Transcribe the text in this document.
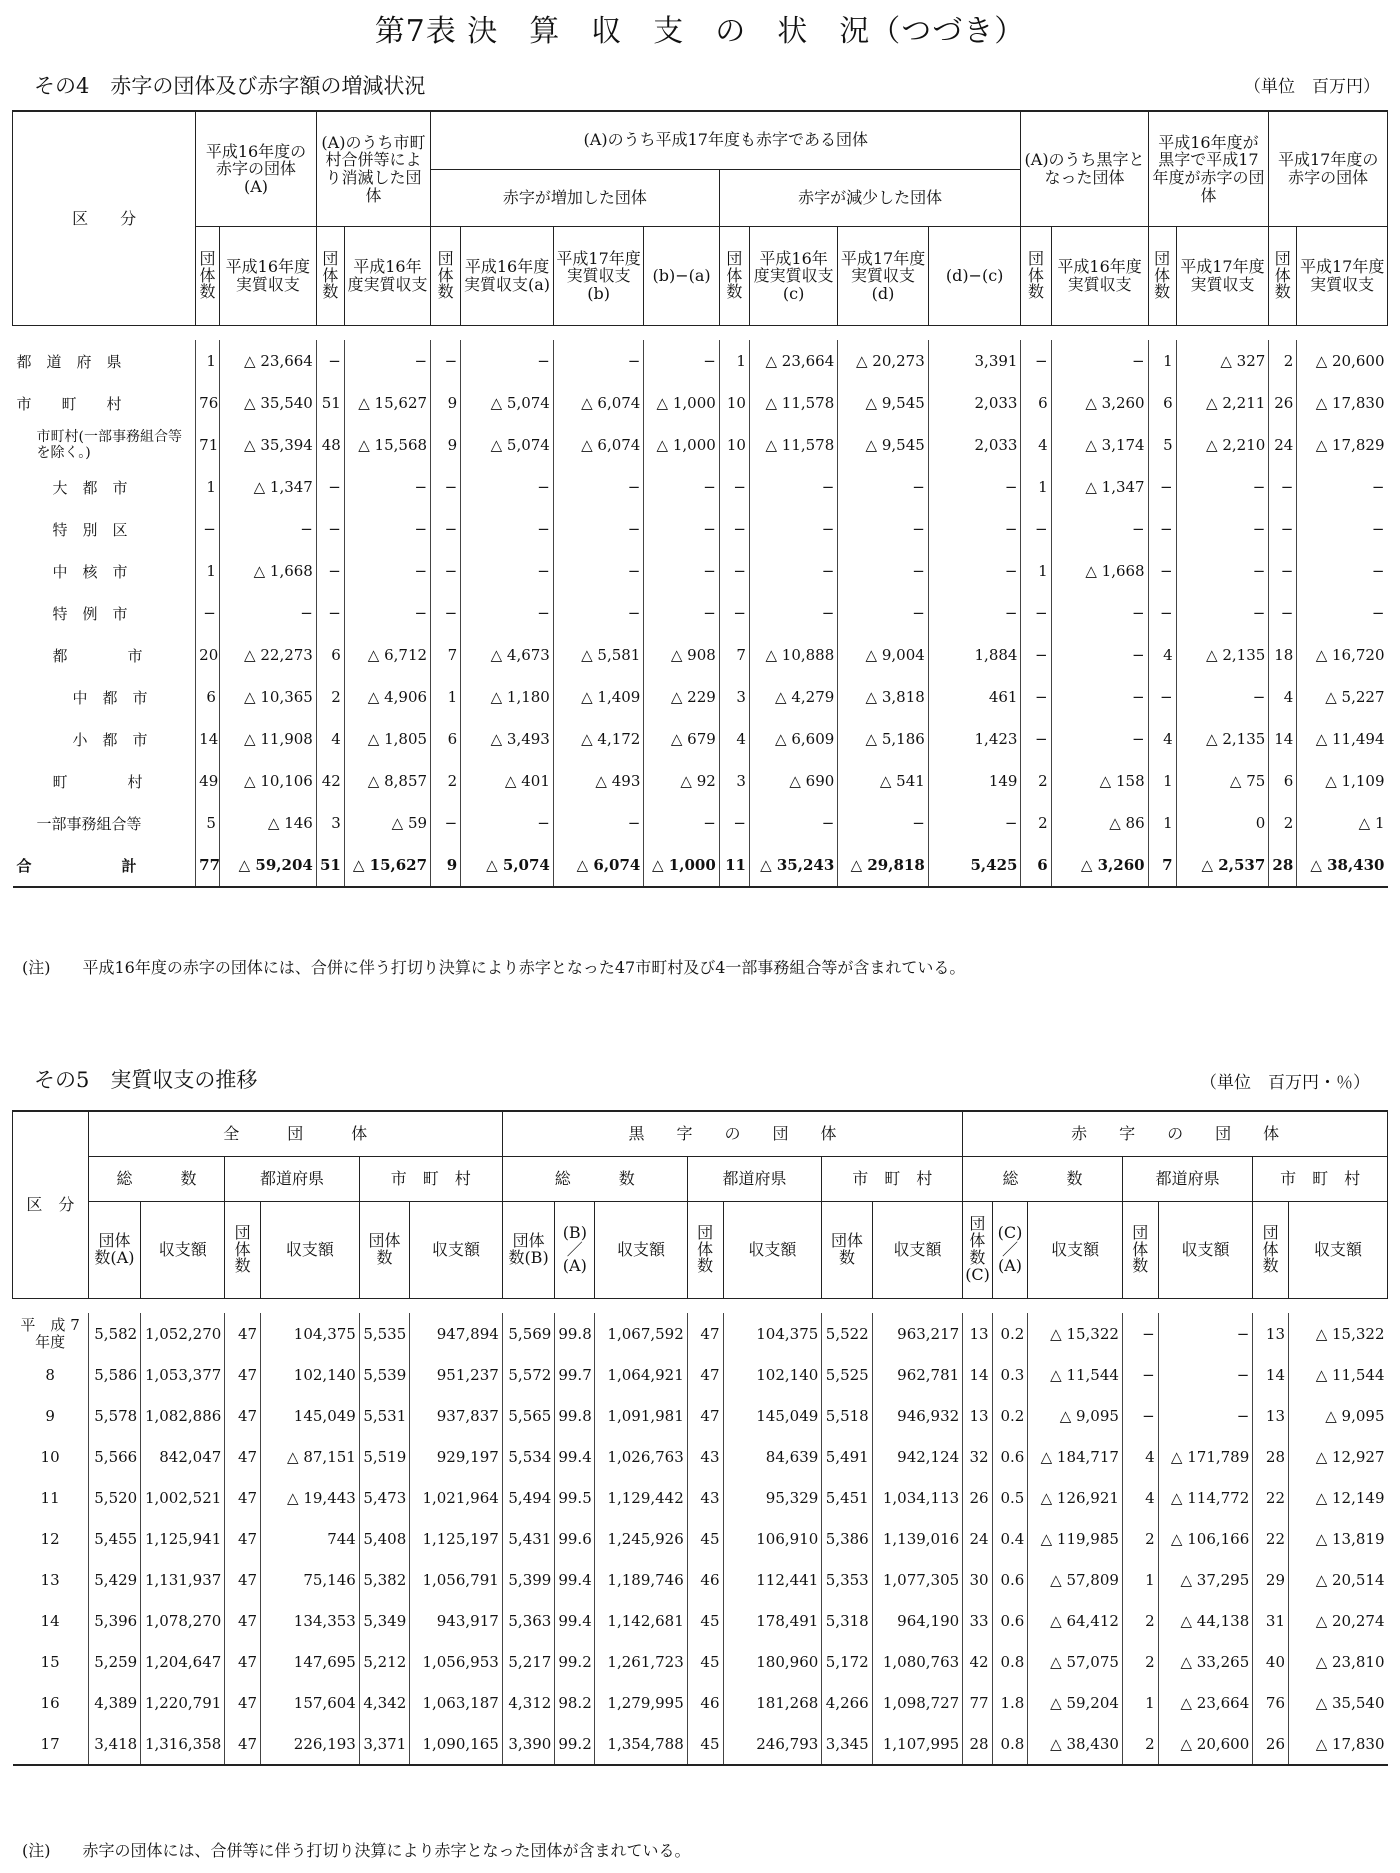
第7表 決　算　収　支　の　状　況（つづき）
その4　赤字の団体及び赤字額の増減状況	（単位　百万円）
区　　分	平成16年度の赤字の団体　(A)		(A)のうち市町村合併等により消滅した団体		(A)のうち平成17年度も赤字である団体								(A)のうち黒字となった団体		平成16年度が黒字で平成17年度が赤字の団体		平成17年度の赤字の団体	
					赤字が増加した団体				赤字が減少した団体									
	団体数	平成16年度実質収支	団体数	平成16年度実質収支	団体数	平成16年度実質収支(a)	平成17年度実質収支(b)	(b)−(a)	団体数	平成16年度実質収支(c)	平成17年度実質収支(d)	(d)−(c)	団体数	平成16年度実質収支	団体数	平成17年度実質収支	団体数	平成17年度実質収支

都　道　府　県	1	△ 23,664	−	−	−	−	−	−	1	△ 23,664	△ 20,273	3,391	−	−	1	△ 327	2	△ 20,600
市　　町　　村	76	△ 35,540	51	△ 15,627	9	△ 5,074	△ 6,074	△ 1,000	10	△ 11,578	△ 9,545	2,033	6	△ 3,260	6	△ 2,211	26	△ 17,830
市町村(一部事務組合等を除く。)	71	△ 35,394	48	△ 15,568	9	△ 5,074	△ 6,074	△ 1,000	10	△ 11,578	△ 9,545	2,033	4	△ 3,174	5	△ 2,210	24	△ 17,829
大　都　市	1	△ 1,347	−	−	−	−	−	−	−	−	−	−	1	△ 1,347	−	−	−	−
特　別　区	−	−	−	−	−	−	−	−	−	−	−	−	−	−	−	−	−	−
中　核　市	1	△ 1,668	−	−	−	−	−	−	−	−	−	−	1	△ 1,668	−	−	−	−
特　例　市	−	−	−	−	−	−	−	−	−	−	−	−	−	−	−	−	−	−
都　　　　市	20	△ 22,273	6	△ 6,712	7	△ 4,673	△ 5,581	△ 908	7	△ 10,888	△ 9,004	1,884	−	−	4	△ 2,135	18	△ 16,720
中　都　市	6	△ 10,365	2	△ 4,906	1	△ 1,180	△ 1,409	△ 229	3	△ 4,279	△ 3,818	461	−	−	−	−	4	△ 5,227
小　都　市	14	△ 11,908	4	△ 1,805	6	△ 3,493	△ 4,172	△ 679	4	△ 6,609	△ 5,186	1,423	−	−	4	△ 2,135	14	△ 11,494
町　　　　村	49	△ 10,106	42	△ 8,857	2	△ 401	△ 493	△ 92	3	△ 690	△ 541	149	2	△ 158	1	△ 75	6	△ 1,109
一部事務組合等	5	△ 146	3	△ 59	−	−	−	−	−	−	−	−	2	△ 86	1	0	2	△ 1
合　　　　　　計	77	△ 59,204	51	△ 15,627	9	△ 5,074	△ 6,074	△ 1,000	11	△ 35,243	△ 29,818	5,425	6	△ 3,260	7	△ 2,537	28	△ 38,430
(注)　　平成16年度の赤字の団体には、合併に伴う打切り決算により赤字となった47市町村及び4一部事務組合等が含まれている。
その5　実質収支の推移	（単位　百万円・％）
区　分	全　　　団　　　体						黒　　字　　の　　団　　体							赤　　字　　の　　団　　体						
	総　　　数		都道府県		市　町　村		総　　　数			都道府県		市　町　村		総　　　数			都道府県		市　町　村	
	団体数(A)	収支額	団体数	収支額	団体数	収支額	団体数(B)	(B)／(A)	収支額	団体数	収支額	団体数	収支額	団体数(C)	(C)／(A)	収支額	団体数	収支額	団体数	収支額

平　成 7年度	5,582	1,052,270	47	104,375	5,535	947,894	5,569	99.8	1,067,592	47	104,375	5,522	963,217	13	0.2	△ 15,322	−	−	13	△ 15,322
8	5,586	1,053,377	47	102,140	5,539	951,237	5,572	99.7	1,064,921	47	102,140	5,525	962,781	14	0.3	△ 11,544	−	−	14	△ 11,544
9	5,578	1,082,886	47	145,049	5,531	937,837	5,565	99.8	1,091,981	47	145,049	5,518	946,932	13	0.2	△ 9,095	−	−	13	△ 9,095
10	5,566	842,047	47	△ 87,151	5,519	929,197	5,534	99.4	1,026,763	43	84,639	5,491	942,124	32	0.6	△ 184,717	4	△ 171,789	28	△ 12,927
11	5,520	1,002,521	47	△ 19,443	5,473	1,021,964	5,494	99.5	1,129,442	43	95,329	5,451	1,034,113	26	0.5	△ 126,921	4	△ 114,772	22	△ 12,149
12	5,455	1,125,941	47	744	5,408	1,125,197	5,431	99.6	1,245,926	45	106,910	5,386	1,139,016	24	0.4	△ 119,985	2	△ 106,166	22	△ 13,819
13	5,429	1,131,937	47	75,146	5,382	1,056,791	5,399	99.4	1,189,746	46	112,441	5,353	1,077,305	30	0.6	△ 57,809	1	△ 37,295	29	△ 20,514
14	5,396	1,078,270	47	134,353	5,349	943,917	5,363	99.4	1,142,681	45	178,491	5,318	964,190	33	0.6	△ 64,412	2	△ 44,138	31	△ 20,274
15	5,259	1,204,647	47	147,695	5,212	1,056,953	5,217	99.2	1,261,723	45	180,960	5,172	1,080,763	42	0.8	△ 57,075	2	△ 33,265	40	△ 23,810
16	4,389	1,220,791	47	157,604	4,342	1,063,187	4,312	98.2	1,279,995	46	181,268	4,266	1,098,727	77	1.8	△ 59,204	1	△ 23,664	76	△ 35,540
17	3,418	1,316,358	47	226,193	3,371	1,090,165	3,390	99.2	1,354,788	45	246,793	3,345	1,107,995	28	0.8	△ 38,430	2	△ 20,600	26	△ 17,830
(注)　　赤字の団体には、合併等に伴う打切り決算により赤字となった団体が含まれている。
